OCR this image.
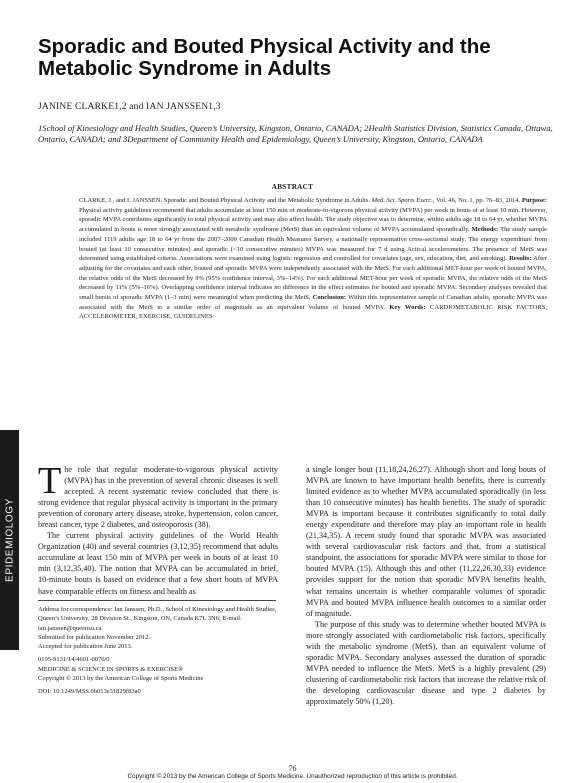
Sporadic and Bouted Physical Activity and the Metabolic Syndrome in Adults
JANINE CLARKE1,2 and IAN JANSSEN1,3
1School of Kinesiology and Health Studies, Queen’s University, Kingston, Ontario, CANADA; 2Health Statistics Division, Statistics Canada, Ottawa, Ontario, CANADA; and 3Department of Community Health and Epidemiology, Queen’s University, Kingston, Ontario, CANADA
ABSTRACT

CLARKE, J., and I. JANSSEN. Sporadic and Bouted Physical Activity and the Metabolic Syndrome in Adults. Med. Sci. Sports Exerc., Vol. 46, No. 1, pp. 76–83, 2014. Purpose: Physical activity guidelines recommend that adults accumulate at least 150 min of moderate-to-vigorous physical activity (MVPA) per week in bouts of at least 10 min. However, sporadic MVPA contributes significantly to total physical activity and may also affect health. The study objective was to determine, within adults age 18 to 64 yr, whether MVPA accumulated in bouts is more strongly associated with metabolic syndrome (MetS) than an equivalent volume of MVPA accumulated sporadically. Methods: The study sample included 1119 adults age 18 to 64 yr from the 2007–2009 Canadian Health Measures Survey, a nationally representative cross-sectional study. The energy expenditure from bouted (at least 10 consecutive minutes) and sporadic (<10 consecutive minutes) MVPA was measured for 7 d using Actical accelerometers. The presence of MetS was determined using established criteria. Associations were examined using logistic regression and controlled for covariates (age, sex, education, diet, and smoking). Results: After adjusting for the covariates and each other, bouted and sporadic MVPA were independently associated with the MetS. For each additional MET-hour per week of bouted MVPA, the relative odds of the MetS decreased by 9% (95% confidence interval, 3%–14%). For each additional MET-hour per week of sporadic MVPA, the relative odds of the MetS decreased by 11% (5%–16%). Overlapping confidence interval indicates no difference in the effect estimates for bouted and sporadic MVPA. Secondary analyses revealed that small bursts of sporadic MVPA (1–3 min) were meaningful when predicting the MetS. Conclusion: Within this representative sample of Canadian adults, sporadic MVPA was associated with the MetS to a similar order of magnitude as an equivalent volume of bouted MVPA. Key Words: CARDIOMETABOLIC RISK FACTORS, ACCELEROMETER, EXERCISE, GUIDELINES

EPIDEMIOLOGY

The role that regular moderate-to-vigorous physical activity (MVPA) has in the prevention of several chronic diseases is well accepted. A recent systematic review concluded that there is strong evidence that regular physical activity is important in the primary prevention of coronary artery disease, stroke, hypertension, colon cancer, breast cancer, type 2 diabetes, and osteoporosis (38).

The current physical activity guidelines of the World Health Organization (40) and several countries (3,12,35) recommend that adults accumulate at least 150 min of MVPA per week in bouts of at least 10 min (3,12,35,40). The notion that MVPA can be accumulated in brief, 10-minute bouts is based on evidence that a few short bouts of MVPA have comparable effects on fitness and health as

Address for correspondence: Ian Janssen, Ph.D., School of Kinesiology and Health Studies, Queen’s University, 28 Division St., Kingston, ON, Canada K7L 3N6; E-mail: ian.janssen@queensu.ca.
Submitted for publication November 2012.
Accepted for publication June 2013.
0195-9131/14/4601-0076/0
MEDICINE & SCIENCE IN SPORTS & EXERCISE®
Copyright © 2013 by the American College of Sports Medicine
DOI: 10.1249/MSS.0b013e31829f83a0

a single longer bout (11,18,24,26,27). Although short and long bouts of MVPA are known to have important health benefits, there is currently limited evidence as to whether MVPA accumulated sporadically (in less than 10 consecutive minutes) has health benefits. The study of sporadic MVPA is important because it contributes significantly to total daily energy expenditure and therefore may play an important role in health (21,34,35). A recent study found that sporadic MVPA was associated with several cardiovascular risk factors and that, from a statistical standpoint, the associations for sporadic MVPA were similar to those for bouted MVPA (15). Although this and other (11,22,26,30,33) evidence provides support for the notion that sporadic MVPA benefits health, what remains uncertain is whether comparable volumes of sporadic MVPA and bouted MVPA influence health outcomes to a similar order of magnitude.

The purpose of this study was to determine whether bouted MVPA is more strongly associated with cardiometabolic risk factors, specifically with the metabolic syndrome (MetS), than an equivalent volume of sporadic MVPA. Secondary analyses assessed the duration of sporadic MVPA needed to influence the MetS. MetS is a highly prevalent (29) clustering of cardiometabolic risk factors that increase the relative risk of the developing cardiovascular disease and type 2 diabetes by approximately 50% (1,20).

76
Copyright © 2013 by the American College of Sports Medicine. Unauthorized reproduction of this article is prohibited.
